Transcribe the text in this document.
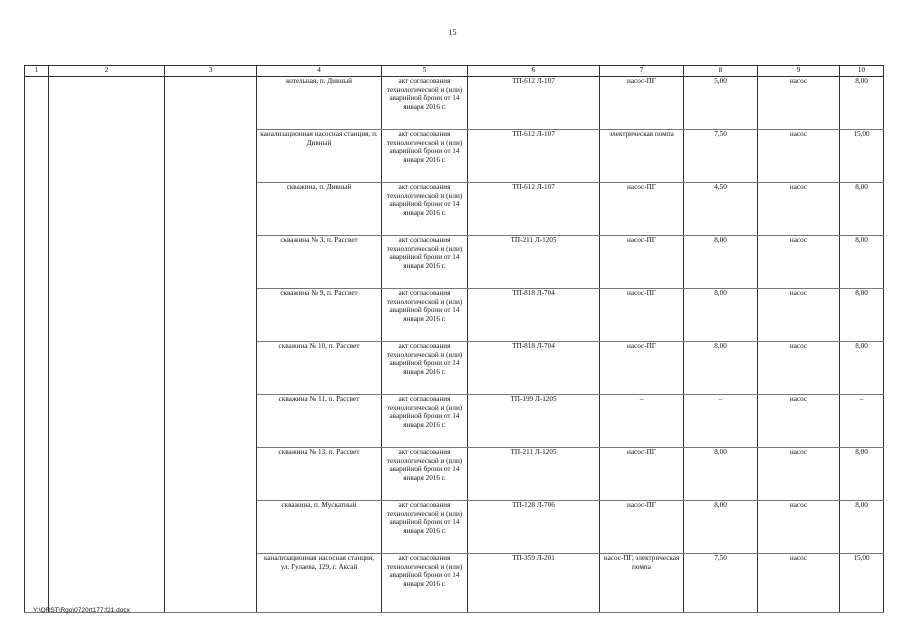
15
1	2	3	4	5	6	7	8	9	10
			котельная, п. Дивный	акт согласования технологической и (или) аварийной брони от 14 января 2016 г.	ТП-612 Л-107	насос-ПГ	5,00	насос	8,00
			канализационная насосная станция, п. Дивный	акт согласования технологической и (или) аварийной брони от 14 января 2016 г.	ТП-612 Л-107	электрическая помпа	7,50	насос	15,00
			скважина, п. Дивный	акт согласования технологической и (или) аварийной брони от 14 января 2016 г.	ТП-612 Л-107	насос-ПГ	4,50	насос	8,00
			скважина № 3, п. Рассвет	акт согласования технологической и (или) аварийной брони от 14 января 2016 г.	ТП-211 Л-1205	насос-ПГ	8,00	насос	8,00
			скважина № 9, п. Рассвет	акт согласования технологической и (или) аварийной брони от 14 января 2016 г.	ТП-818 Л-704	насос-ПГ	8,00	насос	8,00
			скважина № 10, п. Рассвет	акт согласования технологической и (или) аварийной брони от 14 января 2016 г.	ТП-818 Л-704	насос-ПГ	8,00	насос	8,00
			скважина № 11, п. Рассвет	акт согласования технологической и (или) аварийной брони от 14 января 2016 г.	ТП-199 Л-1205	–	–	насос	–
			скважина № 13, п. Рассвет	акт согласования технологической и (или) аварийной брони от 14 января 2016 г.	ТП-211 Л-1205	насос-ПГ	8,00	насос	8,00
			скважина, п. Мускатный	акт согласования технологической и (или) аварийной брони от 14 января 2016 г.	ТП-128 Л-706	насос-ПГ	8,00	насос	8,00
			канализационная насосная станция, ул. Гулаева, 129, г. Аксай	акт согласования технологической и (или) аварийной брони от 14 января 2016 г.	ТП-359 Л-201	насос-ПГ, электрическая помпа	7,50	насос	15,00
Y:\ORST\Rgo\0720rt177:f21.docx
